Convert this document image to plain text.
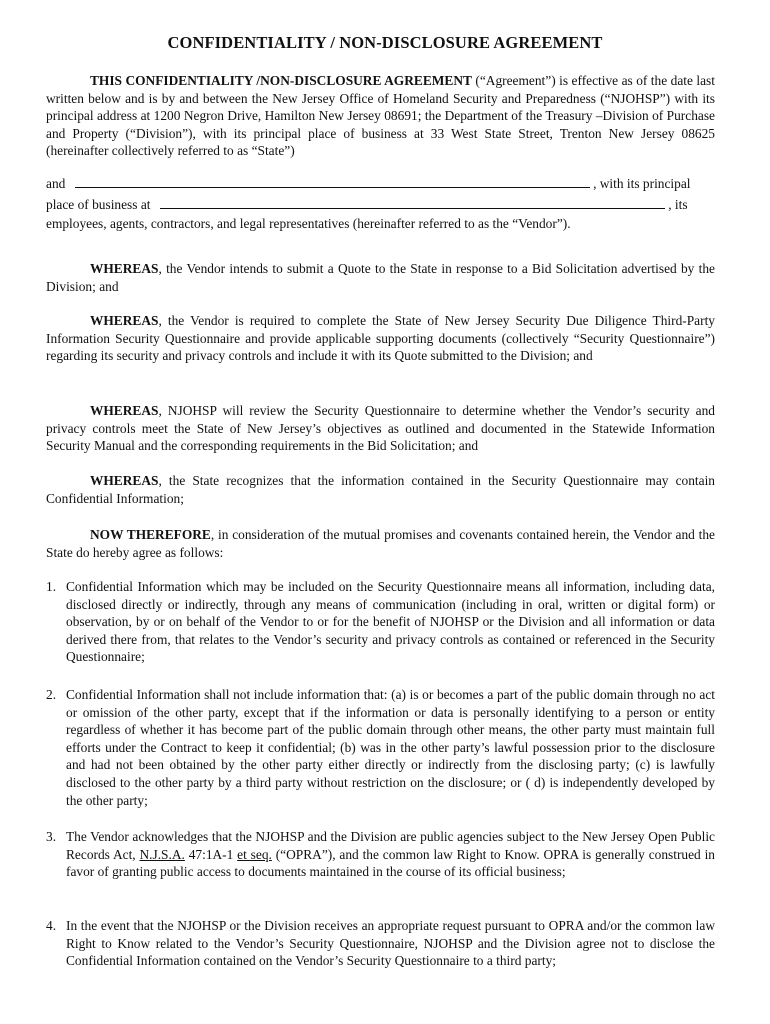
CONFIDENTIALITY / NON-DISCLOSURE AGREEMENT

THIS CONFIDENTIALITY /NON-DISCLOSURE AGREEMENT (“Agreement”) is effective as of the date last written below and is by and between the New Jersey Office of Homeland Security and Preparedness (“NJOHSP”) with its principal address at 1200 Negron Drive, Hamilton New Jersey 08691; the Department of the Treasury –Division of Purchase and Property (“Division”), with its principal place of business at 33 West State Street, Trenton New Jersey 08625 (hereinafter collectively referred to as “State”)

and	, with its principal
place of business at	, its

employees, agents, contractors, and legal representatives (hereinafter referred to as the “Vendor”).

WHEREAS, the Vendor intends to submit a Quote to the State in response to a Bid Solicitation advertised by the Division; and

WHEREAS, the Vendor is required to complete the State of New Jersey Security Due Diligence Third-Party Information Security Questionnaire and provide applicable supporting documents (collectively “Security Questionnaire”) regarding its security and privacy controls and include it with its Quote submitted to the Division; and

WHEREAS, NJOHSP will review the Security Questionnaire to determine whether the Vendor’s security and privacy controls meet the State of New Jersey’s objectives as outlined and documented in the Statewide Information Security Manual and the corresponding requirements in the Bid Solicitation; and

WHEREAS, the State recognizes that the information contained in the Security Questionnaire may contain Confidential Information;

NOW THEREFORE, in consideration of the mutual promises and covenants contained herein, the Vendor and the State do hereby agree as follows:

1. Confidential Information which may be included on the Security Questionnaire means all information, including data, disclosed directly or indirectly, through any means of communication (including in oral, written or digital form) or observation, by or on behalf of the Vendor to or for the benefit of NJOHSP or the Division and all information or data derived there from, that relates to the Vendor’s security and privacy controls as contained or referenced in the Security Questionnaire;
2. Confidential Information shall not include information that: (a) is or becomes a part of the public domain through no act or omission of the other party, except that if the information or data is personally identifying to a person or entity regardless of whether it has become part of the public domain through other means, the other party must maintain full efforts under the Contract to keep it confidential; (b) was in the other party’s lawful possession prior to the disclosure and had not been obtained by the other party either directly or indirectly from the disclosing party; (c) is lawfully disclosed to the other party by a third party without restriction on the disclosure; or ( d) is independently developed by the other party;
3. The Vendor acknowledges that the NJOHSP and the Division are public agencies subject to the New Jersey Open Public Records Act, N.J.S.A. 47:1A-1 et seq. (“OPRA”), and the common law Right to Know. OPRA is generally construed in favor of granting public access to documents maintained in the course of its official business;
4. In the event that the NJOHSP or the Division receives an appropriate request pursuant to OPRA and/or the common law Right to Know related to the Vendor’s Security Questionnaire, NJOHSP and the Division agree not to disclose the Confidential Information contained on the Vendor’s Security Questionnaire to a third party;
